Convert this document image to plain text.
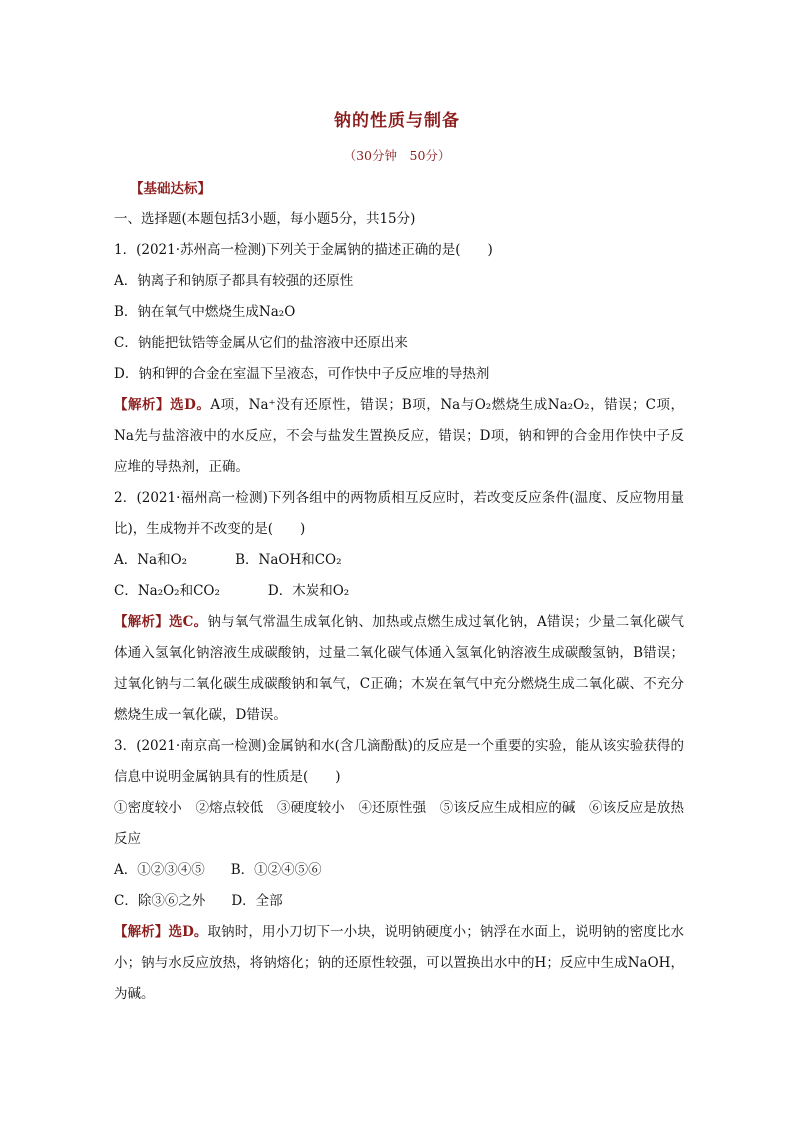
钠的性质与制备
（30分钟　50分）
【基础达标】
一、选择题(本题包括3小题，每小题5分，共15分)
1．(2021·苏州高一检测)下列关于金属钠的描述正确的是(　　)
A．钠离子和钠原子都具有较强的还原性
B．钠在氧气中燃烧生成Na₂O
C．钠能把钛锆等金属从它们的盐溶液中还原出来
D．钠和钾的合金在室温下呈液态，可作快中子反应堆的导热剂
【解析】选D。A项，Na⁺没有还原性，错误；B项，Na与O₂燃烧生成Na₂O₂，错误；C项，Na先与盐溶液中的水反应，不会与盐发生置换反应，错误；D项，钠和钾的合金用作快中子反应堆的导热剂，正确。
2．(2021·福州高一检测)下列各组中的两物质相互反应时，若改变反应条件(温度、反应物用量比)，生成物并不改变的是(　　)
A．Na和O₂	B．NaOH和CO₂
C．Na₂O₂和CO₂	D．木炭和O₂
【解析】选C。钠与氧气常温生成氧化钠、加热或点燃生成过氧化钠，A错误；少量二氧化碳气体通入氢氧化钠溶液生成碳酸钠，过量二氧化碳气体通入氢氧化钠溶液生成碳酸氢钠，B错误；过氧化钠与二氧化碳生成碳酸钠和氧气，C正确；木炭在氧气中充分燃烧生成二氧化碳、不充分燃烧生成一氧化碳，D错误。
3．(2021·南京高一检测)金属钠和水(含几滴酚酞)的反应是一个重要的实验，能从该实验获得的信息中说明金属钠具有的性质是(　　)
①密度较小　②熔点较低　③硬度较小　④还原性强　⑤该反应生成相应的碱　⑥该反应是放热反应
A．①②③④⑤ B．①②④⑤⑥
C．除③⑥之外 D．全部
【解析】选D。取钠时，用小刀切下一小块，说明钠硬度小；钠浮在水面上，说明钠的密度比水小；钠与水反应放热，将钠熔化；钠的还原性较强，可以置换出水中的H；反应中生成NaOH，为碱。
